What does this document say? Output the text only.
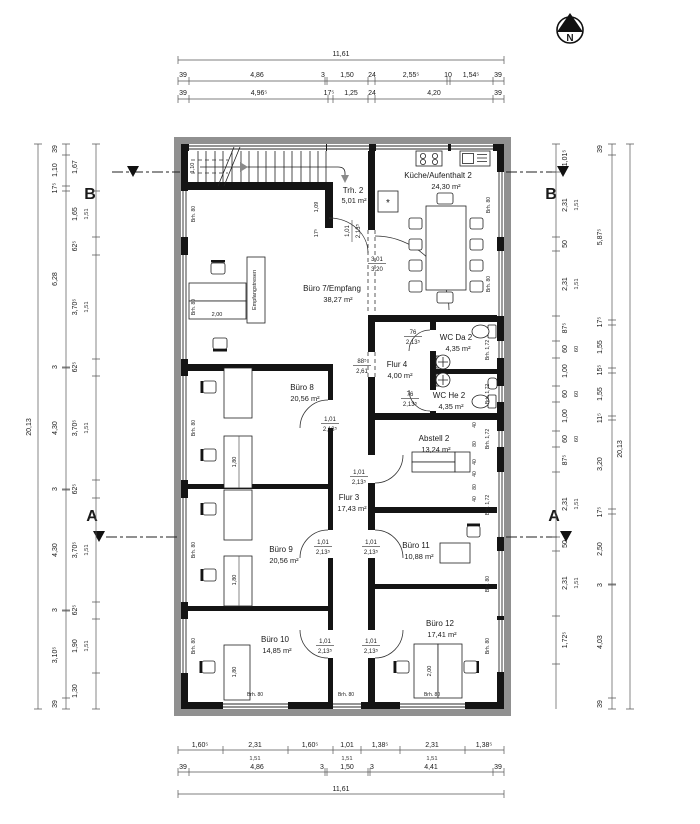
N
Empfangstresen
2,00
1,80
1,80
1,80	2,00
*
Trh. 2
5,01 m²
Küche/Aufenthalt 2
24,30 m²
Büro 7/Empfang
38,27 m²
Büro 8
20,56 m²
Flur 3
17,43 m²
Büro 9
20,56 m²
Büro 10
14,85 m²
Büro 11
10,88 m²
Büro 12
17,41 m²
Flur 4
4,00 m²
WC Da 2
4,35 m²
WC He 2
4,35 m²
Abstell 2
13,24 m²
1,01 2,13⁵
3,01
3,20
88⁵
2,61
76
2,13⁵
76
2,13⁵
1,01
2,13⁵
1,01
2,13⁵
1,01
2,13⁵
1,01
2,13⁵
1,01
2,13⁵
1,01
2,13⁵
Brh. 80
Brh. 80
Brh. 80
Brh. 80
Brh. 80
Brh. 80
Brh. 80
Brh. 1,72
Brh. 1,72
Brh. 1,72
Brh. 1,72
Brh. 80
Brh. 80
Brh. 80	Brh. 80	Brh. 80
1,10
1,09
17⁵
40
80
40
40
80
40
B	B
A	A
11,61
39	4,86	3 1,50 24	2,55⁵	10 1,54⁵ 39
39	4,96⁵	17⁵ 1,25 24	4,20	39
1,60⁵	2,31	1,60⁵	1,01	1,38⁵	2,31	1,38⁵
1,51	1,51	1,51
39	4,86	3 1,50 3	4,41	39
11,61
20,13
39
1,10
17⁵
6,28
3
4,30
3
4,30
3
3,10⁵
39
1,67
1,65
62⁵
3,70⁵
62⁵
3,70⁵
62⁵
3,70⁵
62⁵
1,90
1,30
1,51
1,51
1,51
1,51
1,51
1,01⁵
2,31
50
2,31
87⁵
60
1,00
60
1,00
60
87⁵
2,31
50
2,31
1,72⁵
1,51
1,51
60
60
60
1,51
1,51
39
5,87⁵
17⁵
1,55
15⁵
1,55
11⁵
3,20
17⁵
2,50
3
4,03
39
20,13
